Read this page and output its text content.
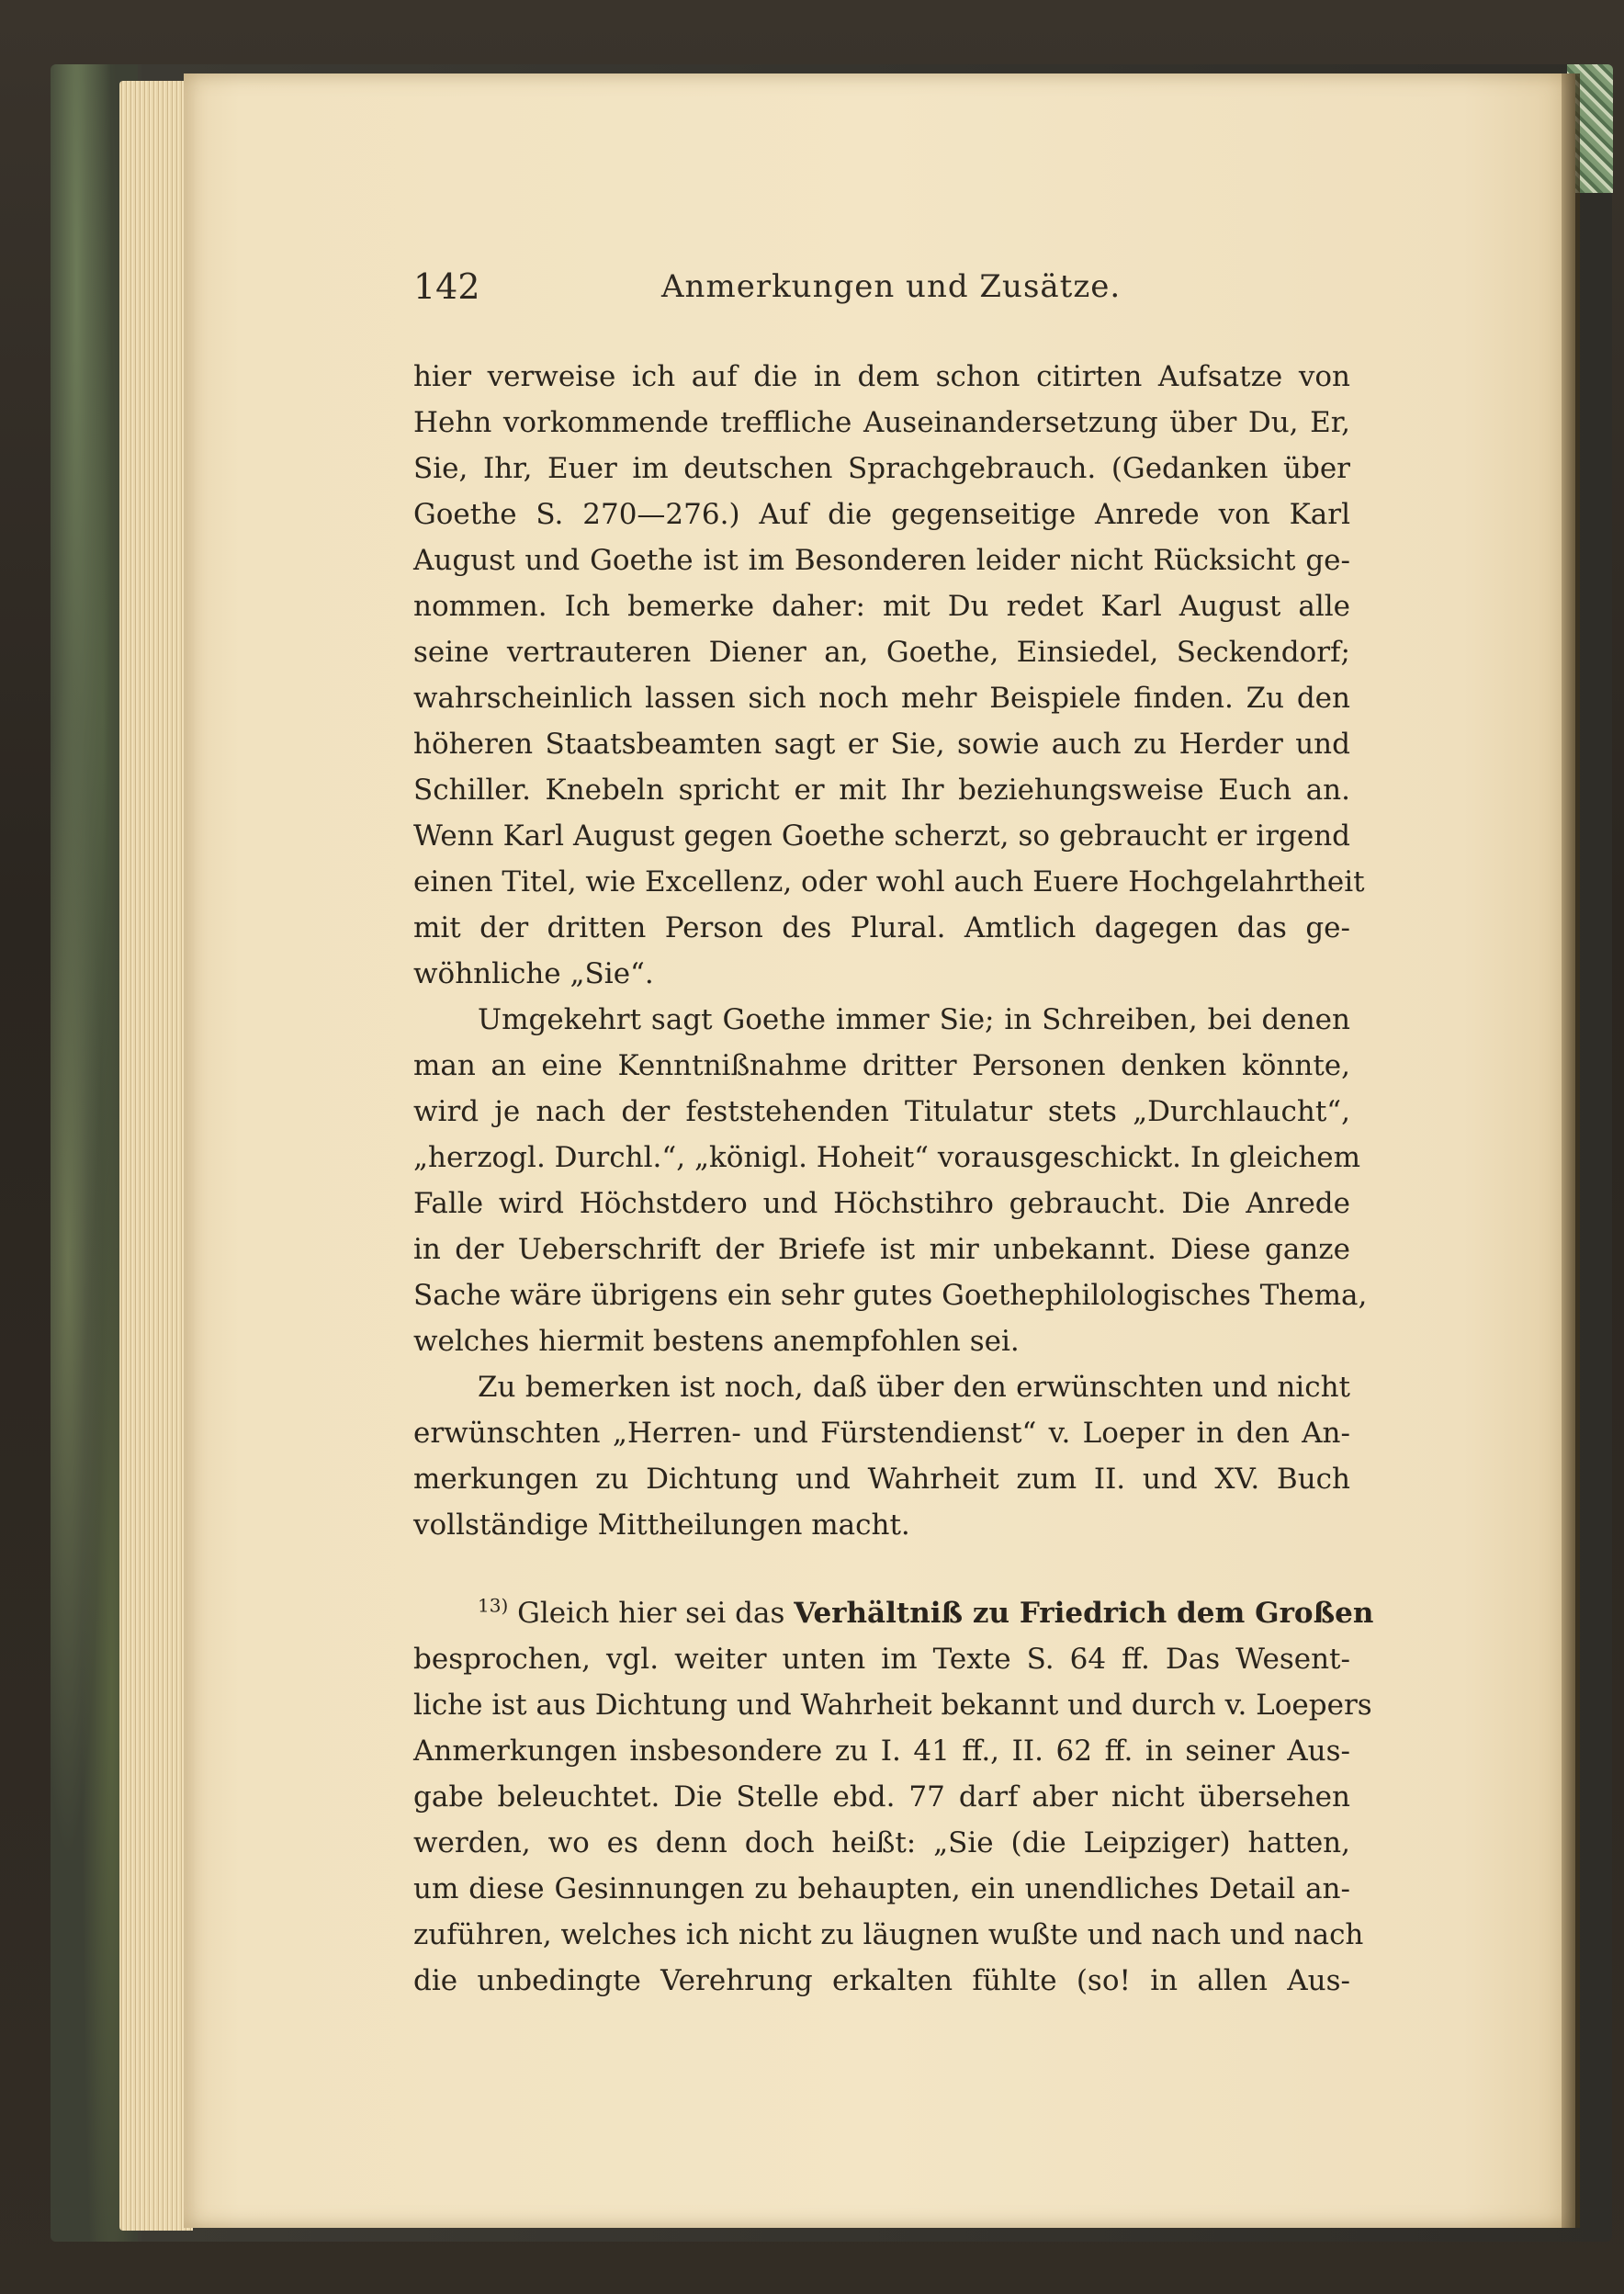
142	Anmerkungen und Zusätze.
hier verweise ich auf die in dem schon citirten Aufsatze von
Hehn vorkommende treffliche Auseinandersetzung über Du, Er,
Sie, Ihr, Euer im deutschen Sprachgebrauch. (Gedanken über
Goethe S. 270—276.) Auf die gegenseitige Anrede von Karl
August und Goethe ist im Besonderen leider nicht Rücksicht ge-
nommen. Ich bemerke daher: mit Du redet Karl August alle
seine vertrauteren Diener an, Goethe, Einsiedel, Seckendorf;
wahrscheinlich lassen sich noch mehr Beispiele finden. Zu den
höheren Staatsbeamten sagt er Sie, sowie auch zu Herder und
Schiller. Knebeln spricht er mit Ihr beziehungsweise Euch an.
Wenn Karl August gegen Goethe scherzt, so gebraucht er irgend
einen Titel, wie Excellenz, oder wohl auch Euere Hochgelahrtheit
mit der dritten Person des Plural. Amtlich dagegen das ge-
wöhnliche „Sie“.
Umgekehrt sagt Goethe immer Sie; in Schreiben, bei denen
man an eine Kenntnißnahme dritter Personen denken könnte,
wird je nach der feststehenden Titulatur stets „Durchlaucht“,
„herzogl. Durchl.“, „königl. Hoheit“ vorausgeschickt. In gleichem
Falle wird Höchstdero und Höchstihro gebraucht. Die Anrede
in der Ueberschrift der Briefe ist mir unbekannt. Diese ganze
Sache wäre übrigens ein sehr gutes Goethephilologisches Thema,
welches hiermit bestens anempfohlen sei.
Zu bemerken ist noch, daß über den erwünschten und nicht
erwünschten „Herren- und Fürstendienst“ v. Loeper in den An-
merkungen zu Dichtung und Wahrheit zum II. und XV. Buch
vollständige Mittheilungen macht.
$^{13)}$ Gleich hier sei das Verhältniß zu Friedrich dem Großen
besprochen, vgl. weiter unten im Texte S. 64 ff. Das Wesent-
liche ist aus Dichtung und Wahrheit bekannt und durch v. Loepers
Anmerkungen insbesondere zu I. 41 ff., II. 62 ff. in seiner Aus-
gabe beleuchtet. Die Stelle ebd. 77 darf aber nicht übersehen
werden, wo es denn doch heißt: „Sie (die Leipziger) hatten,
um diese Gesinnungen zu behaupten, ein unendliches Detail an-
zuführen, welches ich nicht zu läugnen wußte und nach und nach
die unbedingte Verehrung erkalten fühlte (so! in allen Aus-
